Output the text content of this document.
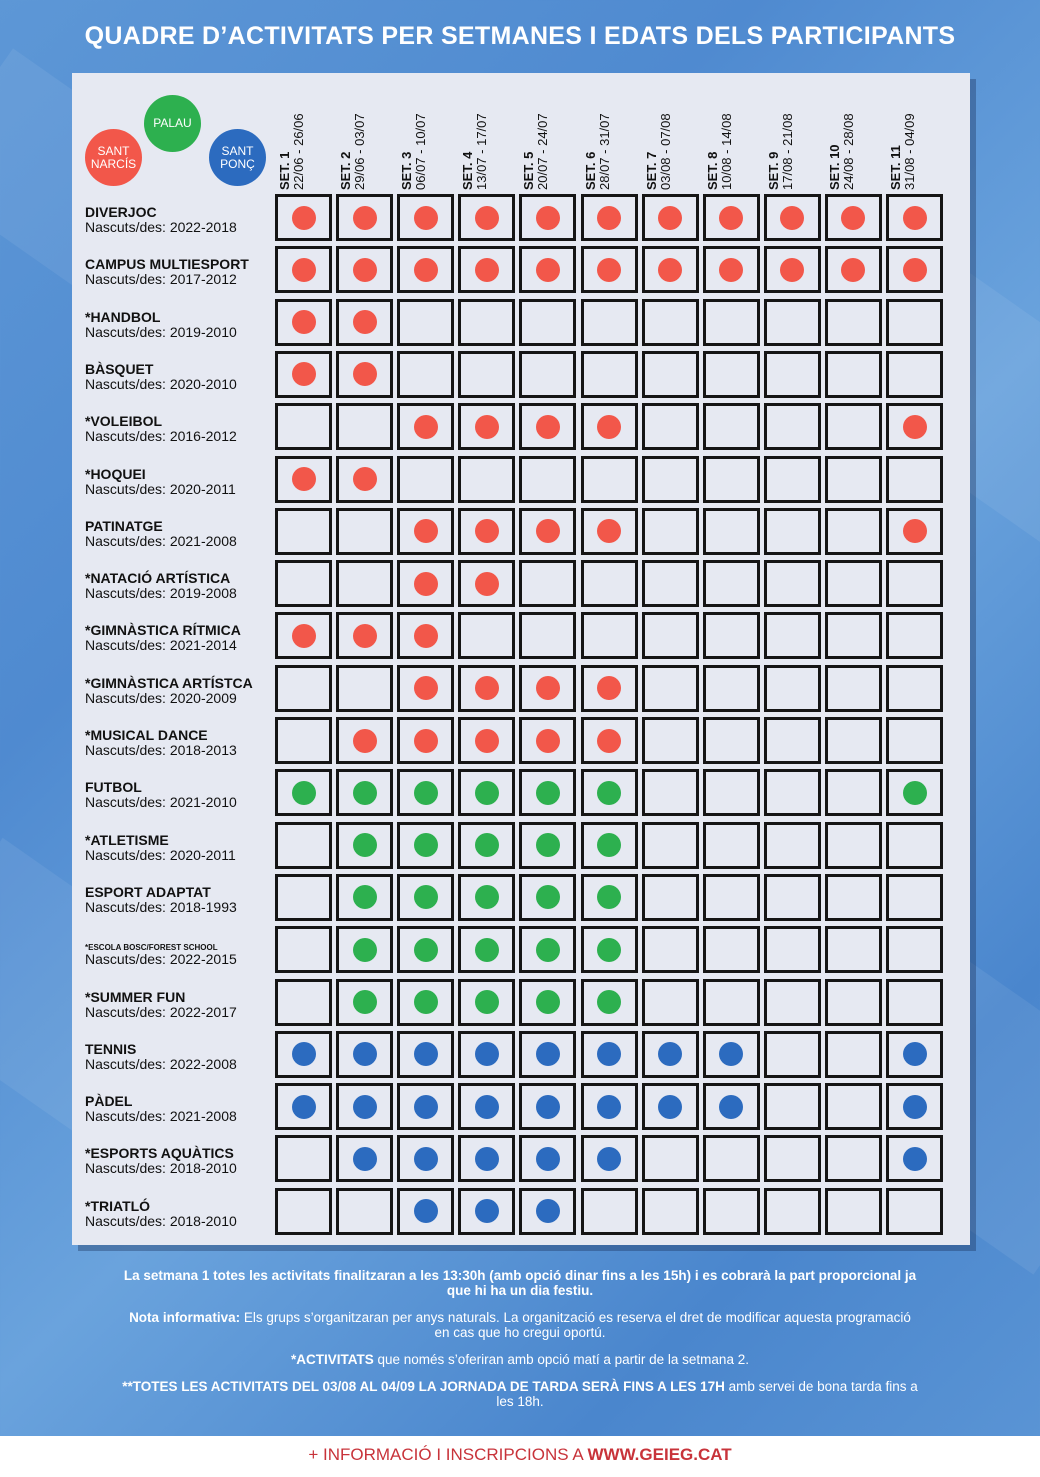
QUADRE D’ACTIVITATS PER SETMANES I EDATS DELS PARTICIPANTS
SANT
NARCÍS
PALAU
SANT
PONÇ SET. 1
22/06 - 26/06 SET. 2
29/06 - 03/07 SET. 3
06/07 - 10/07 SET. 4
13/07 - 17/07 SET. 5
20/07 - 24/07 SET. 6
28/07 - 31/07 SET. 7
03/08 - 07/08 SET. 8
10/08 - 14/08 SET. 9
17/08 - 21/08 SET. 10
24/08 - 28/08 SET. 11
31/08 - 04/09
DIVERJOC
Nascuts/des: 2022-2018
CAMPUS MULTIESPORT
Nascuts/des: 2017-2012
*HANDBOL
Nascuts/des: 2019-2010
BÀSQUET
Nascuts/des: 2020-2010
*VOLEIBOL
Nascuts/des: 2016-2012
*HOQUEI
Nascuts/des: 2020-2011
PATINATGE
Nascuts/des: 2021-2008
*NATACIÓ ARTÍSTICA
Nascuts/des: 2019-2008
*GIMNÀSTICA RÍTMICA
Nascuts/des: 2021-2014
*GIMNÀSTICA ARTÍSTCA
Nascuts/des: 2020-2009
*MUSICAL DANCE
Nascuts/des: 2018-2013
FUTBOL
Nascuts/des: 2021-2010
*ATLETISME
Nascuts/des: 2020-2011
ESPORT ADAPTAT
Nascuts/des: 2018-1993
*ESCOLA BOSC/FOREST SCHOOL
Nascuts/des: 2022-2015
*SUMMER FUN
Nascuts/des: 2022-2017
TENNIS
Nascuts/des: 2022-2008
PÀDEL
Nascuts/des: 2021-2008
*ESPORTS AQUÀTICS
Nascuts/des: 2018-2010
*TRIATLÓ
Nascuts/des: 2018-2010

La setmana 1 totes les activitats finalitzaran a les 13:30h (amb opció dinar fins a les 15h) i es cobrarà la part proporcional ja que hi ha un dia festiu.

Nota informativa: Els grups s’organitzaran per anys naturals. La organització es reserva el dret de modificar aquesta programació en cas que ho cregui oportú.

*ACTIVITATS que només s’oferiran amb opció matí a partir de la setmana 2.

**TOTES LES ACTIVITATS DEL 03/08 AL 04/09 LA JORNADA DE TARDA SERÀ FINS A LES 17H amb servei de bona tarda fins a les 18h.

+ INFORMACIÓ I INSCRIPCIONS A WWW.GEIEG.CAT
